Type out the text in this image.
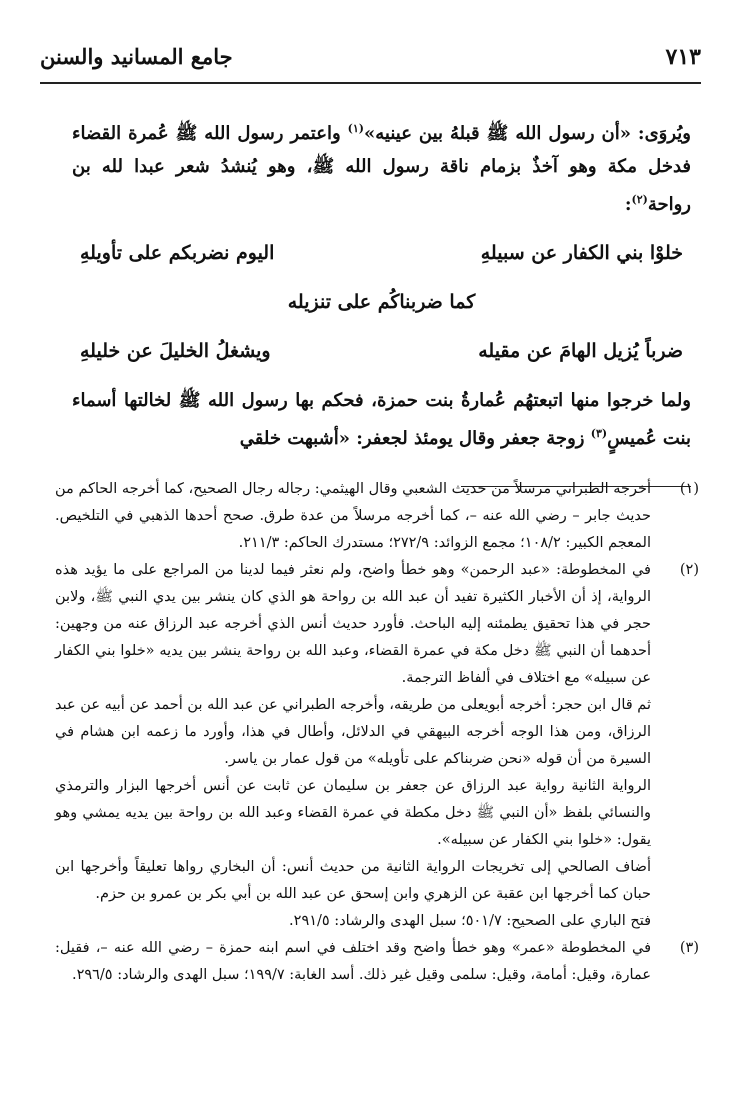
٧١٣
جامع المسانيد والسنن

ويُروَى: «أن رسول الله ﷺ قبلهُ بين عينيه»$^{(١)}$ واعتمر رسول الله ﷺ عُمرة القضاء فدخل مكة وهو آخذٌ بزمام ناقة رسول الله ﷺ، وهو يُنشدُ شعر عبدا لله بن رواحة$^{(٢)}$:

خلوْا بني الكفار عن سبيلهِ
اليوم نضربكم على تأويلهِ
كما ضربناكُم على تنزيله
ضرباً يُزيل الهامَ عن مقيله
ويشغلُ الخليلَ عن خليلهِ

ولما خرجوا منها اتبعتهُم عُمارةُ بنت حمزة، فحكم بها رسول الله ﷺ لخالتها أسماء بنت عُميسٍ$^{(٣)}$ زوجة جعفر وقال يومئذ لجعفر: «أشبهت خلقي

(١)

أخرجه الطبراني مرسلاً من حديث الشعبي وقال الهيثمي: رجاله رجال الصحيح، كما أخرجه الحاكم من حديث جابر – رضي الله عنه –، كما أخرجه مرسلاً من عدة طرق. صحح أحدها الذهبي في التلخيص. المعجم الكبير: ١٠٨/٢؛ مجمع الزوائد: ٢٧٢/٩؛ مستدرك الحاكم: ٢١١/٣.

(٢)

في المخطوطة: «عبد الرحمن» وهو خطأ واضح، ولم نعثر فيما لدينا من المراجع على ما يؤيد هذه الرواية، إذ أن الأخبار الكثيرة تفيد أن عبد الله بن رواحة هو الذي كان ينشر بين يدي النبي ﷺ، ولابن حجر في هذا تحقيق يطمئنه إليه الباحث. فأورد حديث أنس الذي أخرجه عبد الرزاق عنه من وجهين: أحدهما أن النبي ﷺ دخل مكة في عمرة القضاء، وعبد الله بن رواحة ينشر بين يديه «خلوا بني الكفار عن سبيله» مع اختلاف في ألفاظ الترجمة.

ثم قال ابن حجر: أخرجه أبويعلى من طريقه، وأخرجه الطبراني عن عبد الله بن أحمد عن أبيه عن عبد الرزاق، ومن هذا الوجه أخرجه البيهقي في الدلائل، وأطال في هذا، وأورد ما زعمه ابن هشام في السيرة من أن قوله «نحن ضربناكم على تأويله» من قول عمار بن ياسر.

الرواية الثانية رواية عبد الرزاق عن جعفر بن سليمان عن ثابت عن أنس أخرجها البزار والترمذي والنسائي بلفظ «أن النبي ﷺ دخل مكطة في عمرة القضاء وعبد الله بن رواحة بين يديه يمشي وهو يقول: «خلوا بني الكفار عن سبيله».

أضاف الصالحي إلى تخريجات الرواية الثانية من حديث أنس: أن البخاري رواها تعليقاً وأخرجها ابن حبان كما أخرجها ابن عقبة عن الزهري وابن إسحق عن عبد الله بن أبي بكر بن عمرو بن حزم.

فتح الباري على الصحيح: ٥٠١/٧؛ سبل الهدى والرشاد: ٢٩١/٥.

(٣)

في المخطوطة «عمر» وهو خطأ واضح وقد اختلف في اسم ابنه حمزة – رضي الله عنه –، فقيل: عمارة، وقيل: أمامة، وقيل: سلمى وقيل غير ذلك. أسد الغابة: ١٩٩/٧؛ سبل الهدى والرشاد: ٢٩٦/٥.
